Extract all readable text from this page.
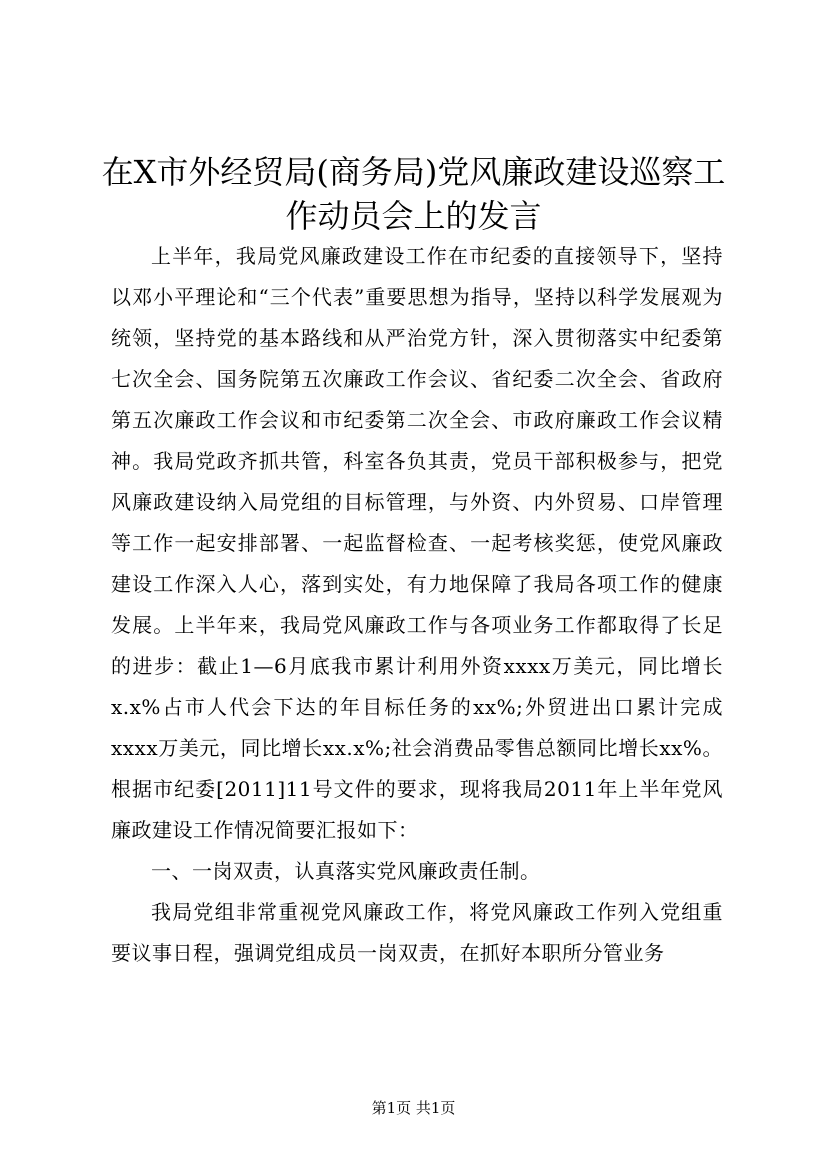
在X市外经贸局(商务局)党风廉政建设巡察工作动员会上的发言

上半年，我局党风廉政建设工作在市纪委的直接领导下，坚持以邓小平理论和“三个代表”重要思想为指导，坚持以科学发展观为统领，坚持党的基本路线和从严治党方针，深入贯彻落实中纪委第七次全会、国务院第五次廉政工作会议、省纪委二次全会、省政府第五次廉政工作会议和市纪委第二次全会、市政府廉政工作会议精神。我局党政齐抓共管，科室各负其责，党员干部积极参与，把党风廉政建设纳入局党组的目标管理，与外资、内外贸易、口岸管理等工作一起安排部署、一起监督检查、一起考核奖惩，使党风廉政建设工作深入人心，落到实处，有力地保障了我局各项工作的健康发展。上半年来，我局党风廉政工作与各项业务工作都取得了长足的进步：截止1—6月底我市累计利用外资xxxx万美元，同比增长x.x%占市人代会下达的年目标任务的xx%;外贸进出口累计完成xxxx万美元，同比增长xx.x%;社会消费品零售总额同比增长xx%。根据市纪委[2011]11号文件的要求，现将我局2011年上半年党风廉政建设工作情况简要汇报如下：

一、一岗双责，认真落实党风廉政责任制。

我局党组非常重视党风廉政工作，将党风廉政工作列入党组重要议事日程，强调党组成员一岗双责，在抓好本职所分管业务

第1页 共1页
